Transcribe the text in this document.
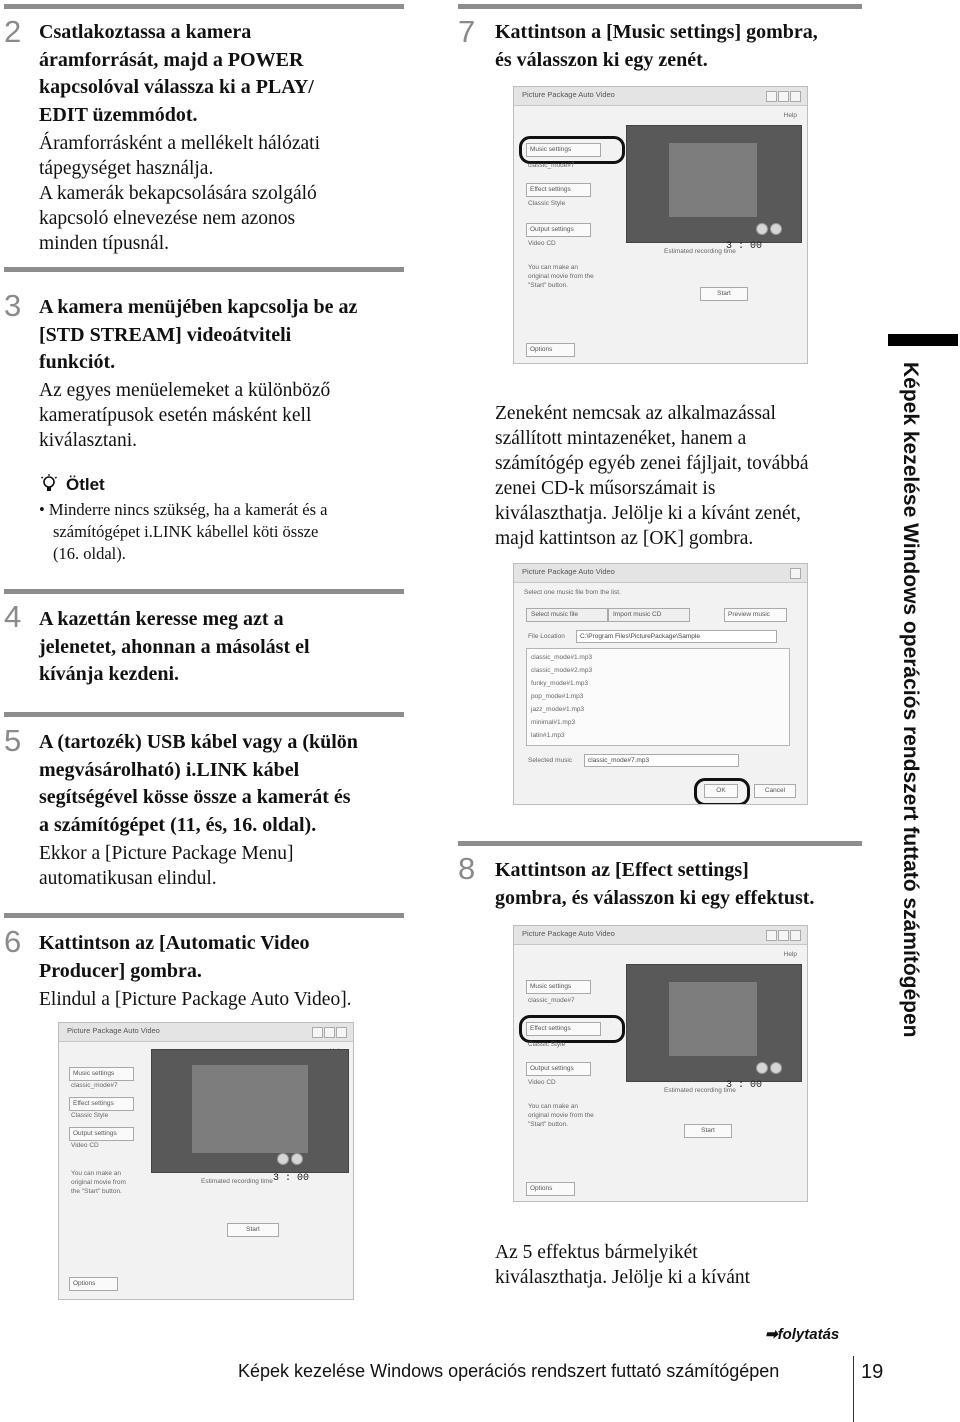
2 Csatlakoztassa a kamera
áramforrását, majd a POWER
kapcsolóval válassza ki a PLAY/
EDIT üzemmódot.
Áramforrásként a mellékelt hálózati
tápegységet használja.
A kamerák bekapcsolására szolgáló
kapcsoló elnevezése nem azonos
minden típusnál.
3 A kamera menüjében kapcsolja be az
[STD STREAM] videoátviteli
funkciót.
Az egyes menüelemeket a különböző
kameratípusok esetén másként kell
kiválasztani.
Ötlet
• Minderre nincs szükség, ha a kamerát és a
számítógépet i.LINK kábellel köti össze
(16. oldal).
4 A kazettán keresse meg azt a
jelenetet, ahonnan a másolást el
kívánja kezdeni.
5 A (tartozék) USB kábel vagy a (külön
megvásárolható) i.LINK kábel
segítségével kösse össze a kamerát és
a számítógépet (11, és, 16. oldal).
Ekkor a [Picture Package Menu]
automatikusan elindul.
6 Kattintson az [Automatic Video
Producer] gombra.
Elindul a [Picture Package Auto Video].
Picture Package Auto Video
Music settings
classic_mode#7
Effect settings
Classic Style
Output settings
Video CD
You can make an original movie from the "Start" button.
Estimated recording time 3 : 00
Start
Options
7 Kattintson a [Music settings] gombra,
és válasszon ki egy zenét.
Picture Package Auto Video
Help
Music settings
classic_mode#7
Effect settings
Classic Style
Output settings
Video CD
You can make an original movie from the "Start" button.
Estimated recording time
3 : 00
Start
Options
Zeneként nemcsak az alkalmazással
szállított mintazenéket, hanem a
számítógép egyéb zenei fájljait, továbbá
zenei CD-k műsorszámait is
kiválaszthatja. Jelölje ki a kívánt zenét,
majd kattintson az [OK] gombra.
Picture Package Auto Video
Select one music file from the list.
Select music file	Import music CD	Preview music
File Location	C:\Program Files\PicturePackage\Sample
classic_mode#1.mp3
classic_mode#2.mp3
funky_mode#1.mp3
pop_mode#1.mp3
jazz_mode#1.mp3
minimal#1.mp3
latin#1.mp3
Selected music	classic_mode#7.mp3
OK	Cancel
8 Kattintson az [Effect settings]
gombra, és válasszon ki egy effektust.
Picture Package Auto Video
Help
Music settings
classic_mode#7
Effect settings
Classic Style
Output settings
Video CD
You can make an original movie from the "Start" button.
Estimated recording time
3 : 00
Start
Options
Az 5 effektus bármelyikét
kiválaszthatja. Jelölje ki a kívánt
Képek kezelése Windows operációs rendszert futtató számítógépen
➡folytatás
Képek kezelése Windows operációs rendszert futtató számítógépen	19
